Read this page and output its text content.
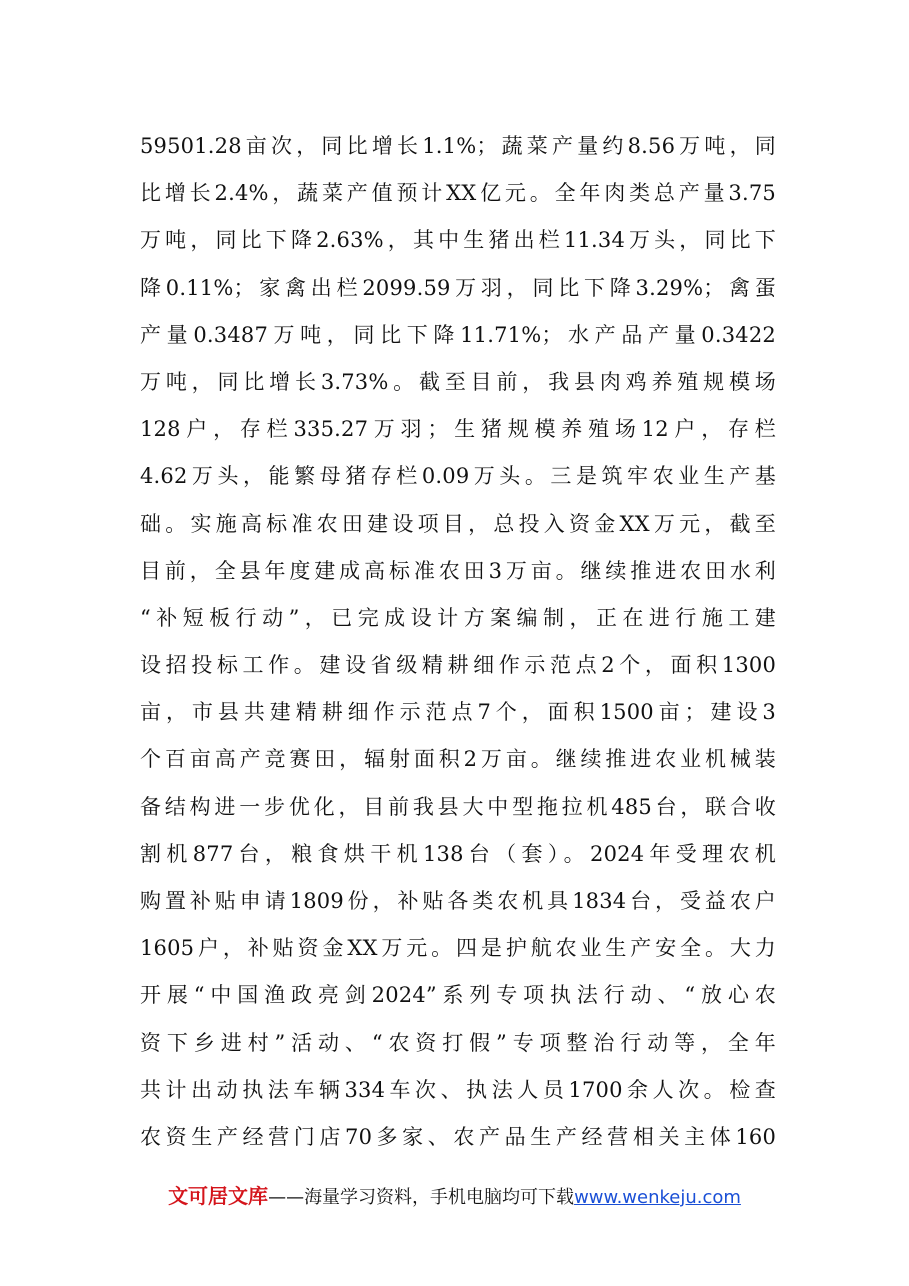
59501.28亩次，同比增长1.1%；蔬菜产量约8.56万吨，同
比增长2.4%，蔬菜产值预计XX亿元。全年肉类总产量3.75
万吨，同比下降2.63%，其中生猪出栏11.34万头，同比下
降0.11%；家禽出栏2099.59万羽，同比下降3.29%；禽蛋
产量0.3487万吨，同比下降11.71%；水产品产量0.3422
万吨，同比增长3.73%。截至目前，我县肉鸡养殖规模场
128户，存栏335.27万羽；生猪规模养殖场12户，存栏
4.62万头，能繁母猪存栏0.09万头。三是筑牢农业生产基
础。实施高标准农田建设项目，总投入资金XX万元，截至
目前，全县年度建成高标准农田3万亩。继续推进农田水利
“补短板行动”，已完成设计方案编制，正在进行施工建
设招投标工作。建设省级精耕细作示范点2个，面积1300
亩，市县共建精耕细作示范点7个，面积1500亩；建设3
个百亩高产竞赛田，辐射面积2万亩。继续推进农业机械装
备结构进一步优化，目前我县大中型拖拉机485台，联合收
割机877台，粮食烘干机138台（套）。2024年受理农机
购置补贴申请1809份，补贴各类农机具1834台，受益农户
1605户，补贴资金XX万元。四是护航农业生产安全。大力
开展“中国渔政亮剑2024”系列专项执法行动、“放心农
资下乡进村”活动、“农资打假”专项整治行动等，全年
共计出动执法车辆334车次、执法人员1700余人次。检查
农资生产经营门店70多家、农产品生产经营相关主体160
文可居文库——海量学习资料，手机电脑均可下载www.wenkeju.com
